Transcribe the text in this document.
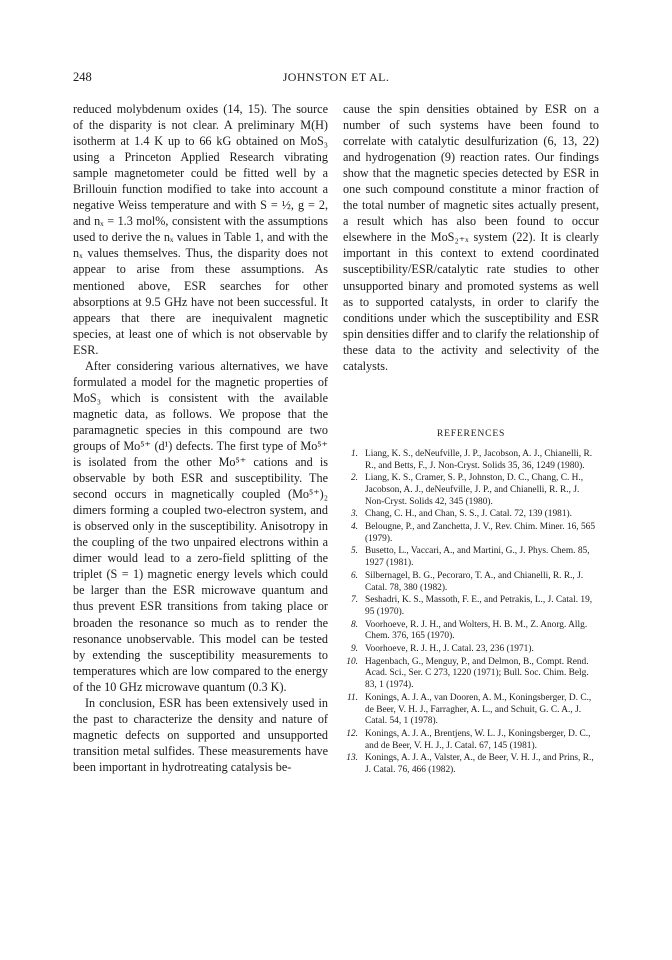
248	JOHNSTON ET AL.

reduced molybdenum oxides (14, 15). The source of the disparity is not clear. A preliminary M(H) isotherm at 1.4 K up to 66 kG obtained on MoS₃ using a Princeton Applied Research vibrating sample magnetometer could be fitted well by a Brillouin function modified to take into account a negative Weiss temperature and with S = ½, g = 2, and nₓ = 1.3 mol%, consistent with the assumptions used to derive the nₓ values in Table 1, and with the nₓ values themselves. Thus, the disparity does not appear to arise from these assumptions. As mentioned above, ESR searches for other absorptions at 9.5 GHz have not been successful. It appears that there are inequivalent magnetic species, at least one of which is not observable by ESR.

After considering various alternatives, we have formulated a model for the magnetic properties of MoS₃ which is consistent with the available magnetic data, as follows. We propose that the paramagnetic species in this compound are two groups of Mo⁵⁺ (d¹) defects. The first type of Mo⁵⁺ is isolated from the other Mo⁵⁺ cations and is observable by both ESR and susceptibility. The second occurs in magnetically coupled (Mo⁵⁺)₂ dimers forming a coupled two-electron system, and is observed only in the susceptibility. Anisotropy in the coupling of the two unpaired electrons within a dimer would lead to a zero-field splitting of the triplet (S = 1) magnetic energy levels which could be larger than the ESR microwave quantum and thus prevent ESR transitions from taking place or broaden the resonance so much as to render the resonance unobservable. This model can be tested by extending the susceptibility measurements to temperatures which are low compared to the energy of the 10 GHz microwave quantum (0.3 K).

In conclusion, ESR has been extensively used in the past to characterize the density and nature of magnetic defects on supported and unsupported transition metal sulfides. These measurements have been important in hydrotreating catalysis be-

cause the spin densities obtained by ESR on a number of such systems have been found to correlate with catalytic desulfurization (6, 13, 22) and hydrogenation (9) reaction rates. Our findings show that the magnetic species detected by ESR in one such compound constitute a minor fraction of the total number of magnetic sites actually present, a result which has also been found to occur elsewhere in the MoS₂₊ₓ system (22). It is clearly important in this context to extend coordinated susceptibility/ESR/catalytic rate studies to other unsupported binary and promoted systems as well as to supported catalysts, in order to clarify the conditions under which the susceptibility and ESR spin densities differ and to clarify the relationship of these data to the activity and selectivity of the catalysts.

REFERENCES
1. Liang, K. S., deNeufville, J. P., Jacobson, A. J., Chianelli, R. R., and Betts, F., J. Non-Cryst. Solids 35, 36, 1249 (1980).
2. Liang, K. S., Cramer, S. P., Johnston, D. C., Chang, C. H., Jacobson, A. J., deNeufville, J. P., and Chianelli, R. R., J. Non-Cryst. Solids 42, 345 (1980).
3. Chang, C. H., and Chan, S. S., J. Catal. 72, 139 (1981).
4. Belougne, P., and Zanchetta, J. V., Rev. Chim. Miner. 16, 565 (1979).
5. Busetto, L., Vaccari, A., and Martini, G., J. Phys. Chem. 85, 1927 (1981).
6. Silbernagel, B. G., Pecoraro, T. A., and Chianelli, R. R., J. Catal. 78, 380 (1982).
7. Seshadri, K. S., Massoth, F. E., and Petrakis, L., J. Catal. 19, 95 (1970).
8. Voorhoeve, R. J. H., and Wolters, H. B. M., Z. Anorg. Allg. Chem. 376, 165 (1970).
9. Voorhoeve, R. J. H., J. Catal. 23, 236 (1971).
10. Hagenbach, G., Menguy, P., and Delmon, B., Compt. Rend. Acad. Sci., Ser. C 273, 1220 (1971); Bull. Soc. Chim. Belg. 83, 1 (1974).
11. Konings, A. J. A., van Dooren, A. M., Koningsberger, D. C., de Beer, V. H. J., Farragher, A. L., and Schuit, G. C. A., J. Catal. 54, 1 (1978).
12. Konings, A. J. A., Brentjens, W. L. J., Koningsberger, D. C., and de Beer, V. H. J., J. Catal. 67, 145 (1981).
13. Konings, A. J. A., Valster, A., de Beer, V. H. J., and Prins, R., J. Catal. 76, 466 (1982).
